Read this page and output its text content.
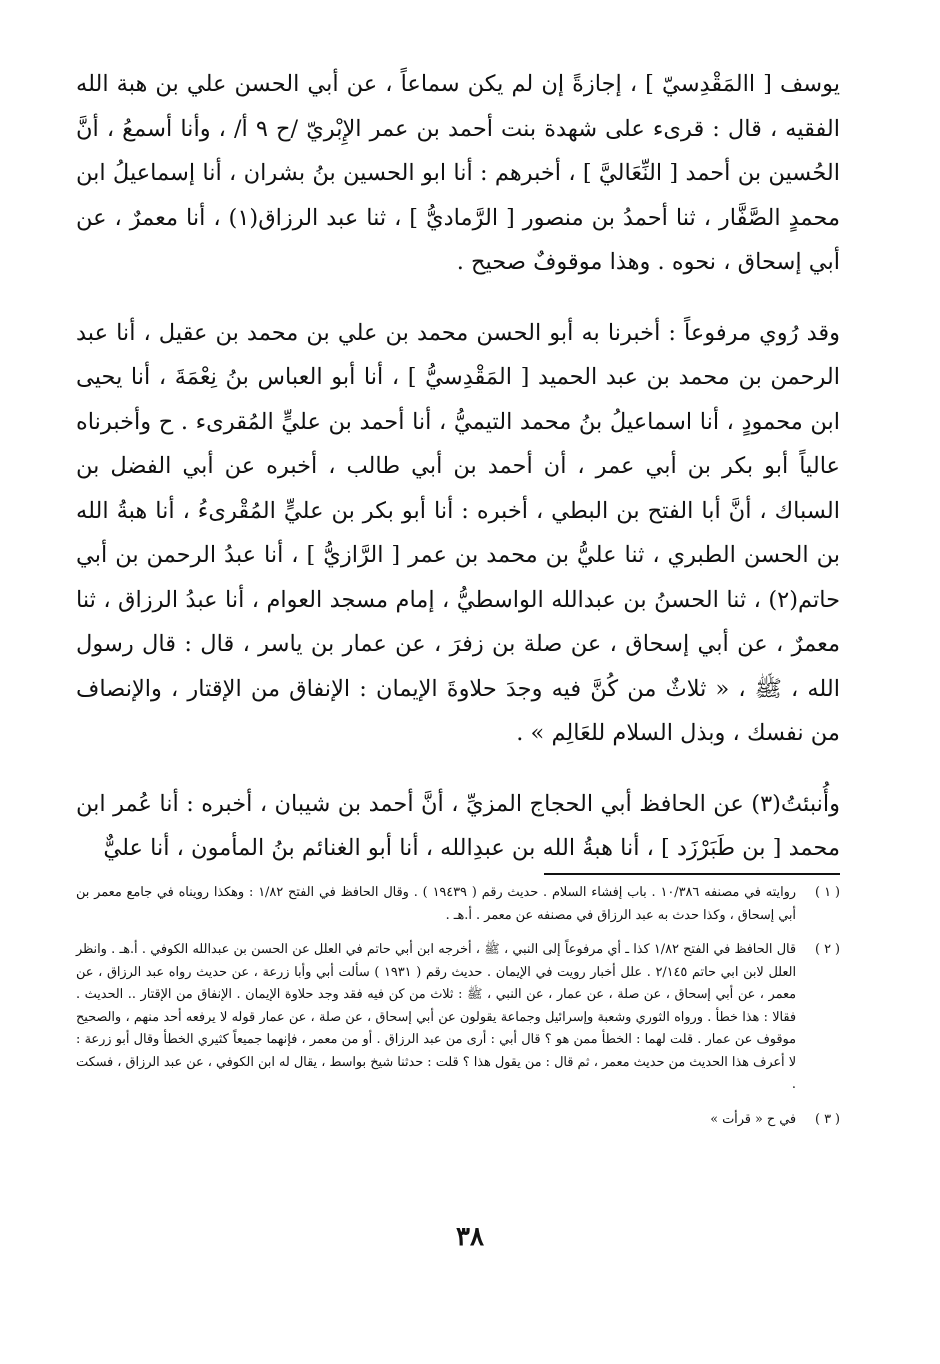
يوسف [ االمَقْدِسيّ ] ، إجازةً إن لم يكن سماعاً ، عن أبي الحسن علي بن هبة الله الفقيه ، قال : قرىء على شهدة بنت أحمد بن عمر الإِبْريّ /ح ٩ أ/ ، وأنا أسمعُ ، أنَّ الحُسين بن أحمد [ النِّعَاليَّ ] ، أخبرهم : أنا ابو الحسين بنُ بشران ، أنا إسماعيلُ ابن محمدٍ الصَّفَّار ، ثنا أحمدُ بن منصور [ الرَّماديُّ ] ، ثنا عبد الرزاق(١) ، أنا معمرٌ ، عن أبي إسحاق ، نحوه . وهذا موقوفٌ صحيح .

وقد رُوي مرفوعاً : أخبرنا به أبو الحسن محمد بن علي بن محمد بن عقيل ، أنا عبد الرحمن بن محمد بن عبد الحميد [ المَقْدِسيُّ ] ، أنا أبو العباس بنُ نِعْمَةَ ، أنا يحيى ابن محمودٍ ، أنا اسماعيلُ بنُ محمد التيميُّ ، أنا أحمد بن عليٍّ المُقرىء . ح وأخبرناه عالياً أبو بكر بن أبي عمر ، أن أحمد بن أبي طالب ، أخبره عن أبي الفضل بن السباك ، أنَّ أبا الفتح بن البطي ، أخبره : أنا أبو بكر بن عليٍّ المُقْرىءُ ، أنا هبةُ الله بن الحسن الطبري ، ثنا عليُّ بن محمد بن عمر [ الرَّازيُّ ] ، أنا عبدُ الرحمن بن أبي حاتم(٢) ، ثنا الحسنُ بن عبدالله الواسطيُّ ، إمام مسجد العوام ، أنا عبدُ الرزاق ، ثنا معمرٌ ، عن أبي إسحاق ، عن صلة بن زفرَ ، عن عمار بن ياسر ، قال : قال رسول الله ، ﷺ ، « ثلاثٌ من كُنَّ فيه وجدَ حلاوةَ الإيمان : الإنفاق من الإقتار ، والإنصاف من نفسك ، وبذل السلام للعَالِم » .

وأُنبئتُ(٣) عن الحافظ أبي الحجاج المزيِّ ، أنَّ أحمد بن شيبان ، أخبره : أنا عُمر ابن محمد [ بن طَبَرْزَد ] ، أنا هبةُ الله بن عبدِالله ، أنا أبو الغنائم بنُ المأمون ، أنا عليٌّ

( ١ )
روايته في مصنفه ١٠/٣٨٦ . باب إفشاء السلام . حديث رقم ( ١٩٤٣٩ ) . وقال الحافظ في الفتح ١/٨٢ : وهكذا رويناه في جامع معمر بن أبي إسحاق ، وكذا حدث به عبد الرزاق في مصنفه عن معمر . أ.هـ .
( ٢ )
قال الحافظ في الفتح ١/٨٢ كذا ـ أي مرفوعاً إلى النبي ، ﷺ ، أخرجه ابن أبي حاتم في العلل عن الحسن بن عبدالله الكوفي . أ.هـ . وانظر العلل لابن ابي حاتم ٢/١٤٥ . علل أخبار رويت في الإيمان . حديث رقم ( ١٩٣١ ) سألت أبي وأبا زرعة ، عن حديث رواه عبد الرزاق ، عن معمر ، عن أبي إسحاق ، عن صلة ، عن عمار ، عن النبي ، ﷺ : ثلاث من كن فيه فقد وجد حلاوة الإيمان . الإنفاق من الإقتار .. الحديث . فقالا : هذا خطأ . ورواه الثوري وشعبة وإسرائيل وجماعة يقولون عن أبي إسحاق ، عن صلة ، عن عمار قوله لا يرفعه أحد منهم ، والصحيح موقوف عن عمار . قلت لهما : الخطأ ممن هو ؟ قال أبي : أرى من عبد الرزاق . أو من معمر ، فإنهما جميعاً كثيري الخطأ وقال أبو زرعة : لا أعرف هذا الحديث من حديث معمر ، ثم قال : من يقول هذا ؟ قلت : حدثنا شيخ بواسط ، يقال له ابن الكوفي ، عن عبد الرزاق ، فسكت .
( ٣ )
في ح « قرأت »
٣٨
